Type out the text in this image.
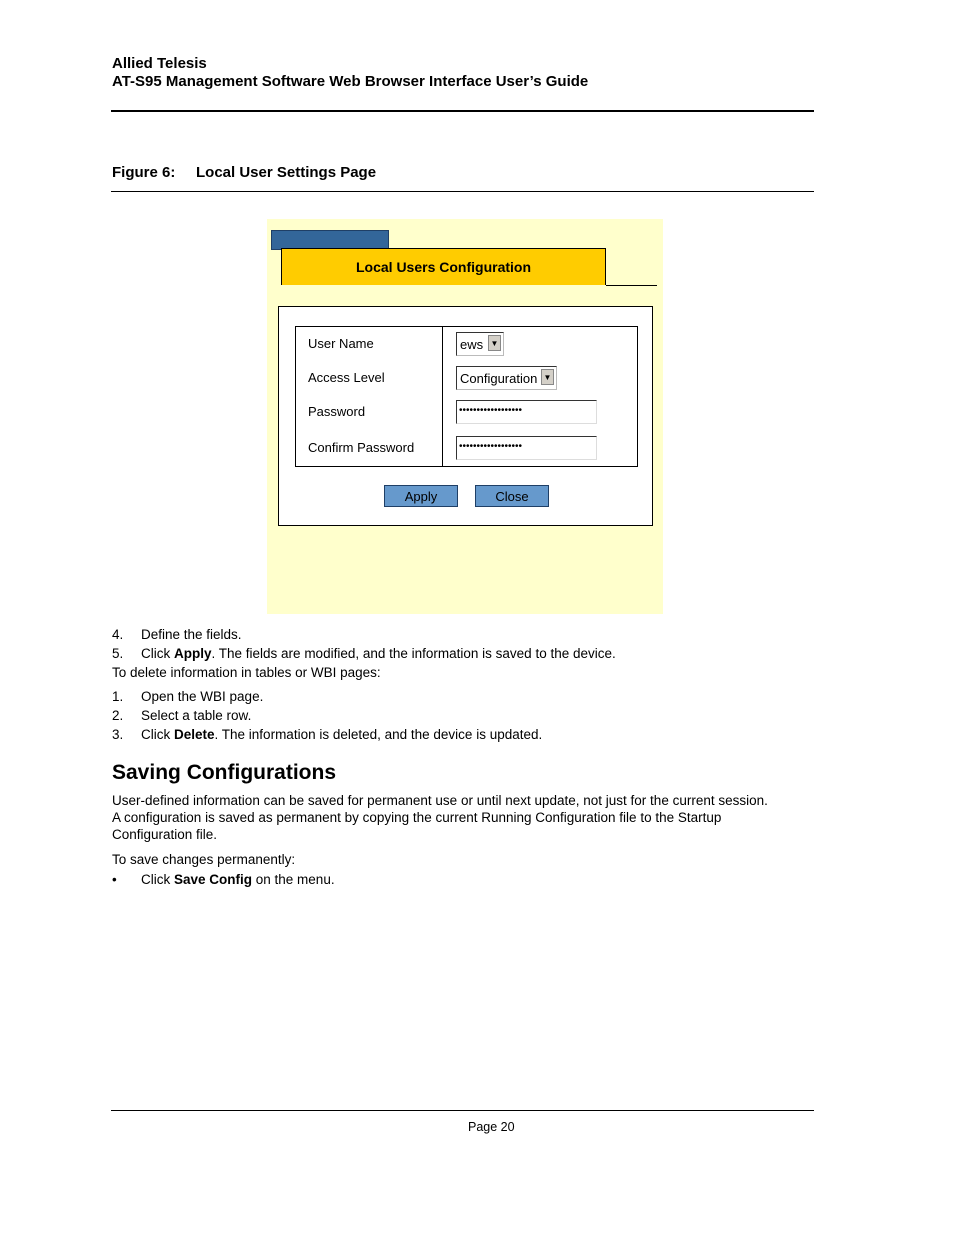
Allied Telesis
AT-S95 Management Software Web Browser Interface User’s Guide
Figure 6: Local User Settings Page
Local Users Configuration
User Name
Access Level
Password
Confirm Password
ews ▼
Configuration ▼
••••••••••••••••••
••••••••••••••••••
Apply	Close
4. Define the fields.
5. Click Apply. The fields are modified, and the information is saved to the device.
To delete information in tables or WBI pages:
1. Open the WBI page.
2. Select a table row.
3. Click Delete. The information is deleted, and the device is updated.
Saving Configurations
User-defined information can be saved for permanent use or until next update, not just for the current session.
A configuration is saved as permanent by copying the current Running Configuration file to the Startup
Configuration file.
To save changes permanently:
• Click Save Config on the menu.
Page 20
